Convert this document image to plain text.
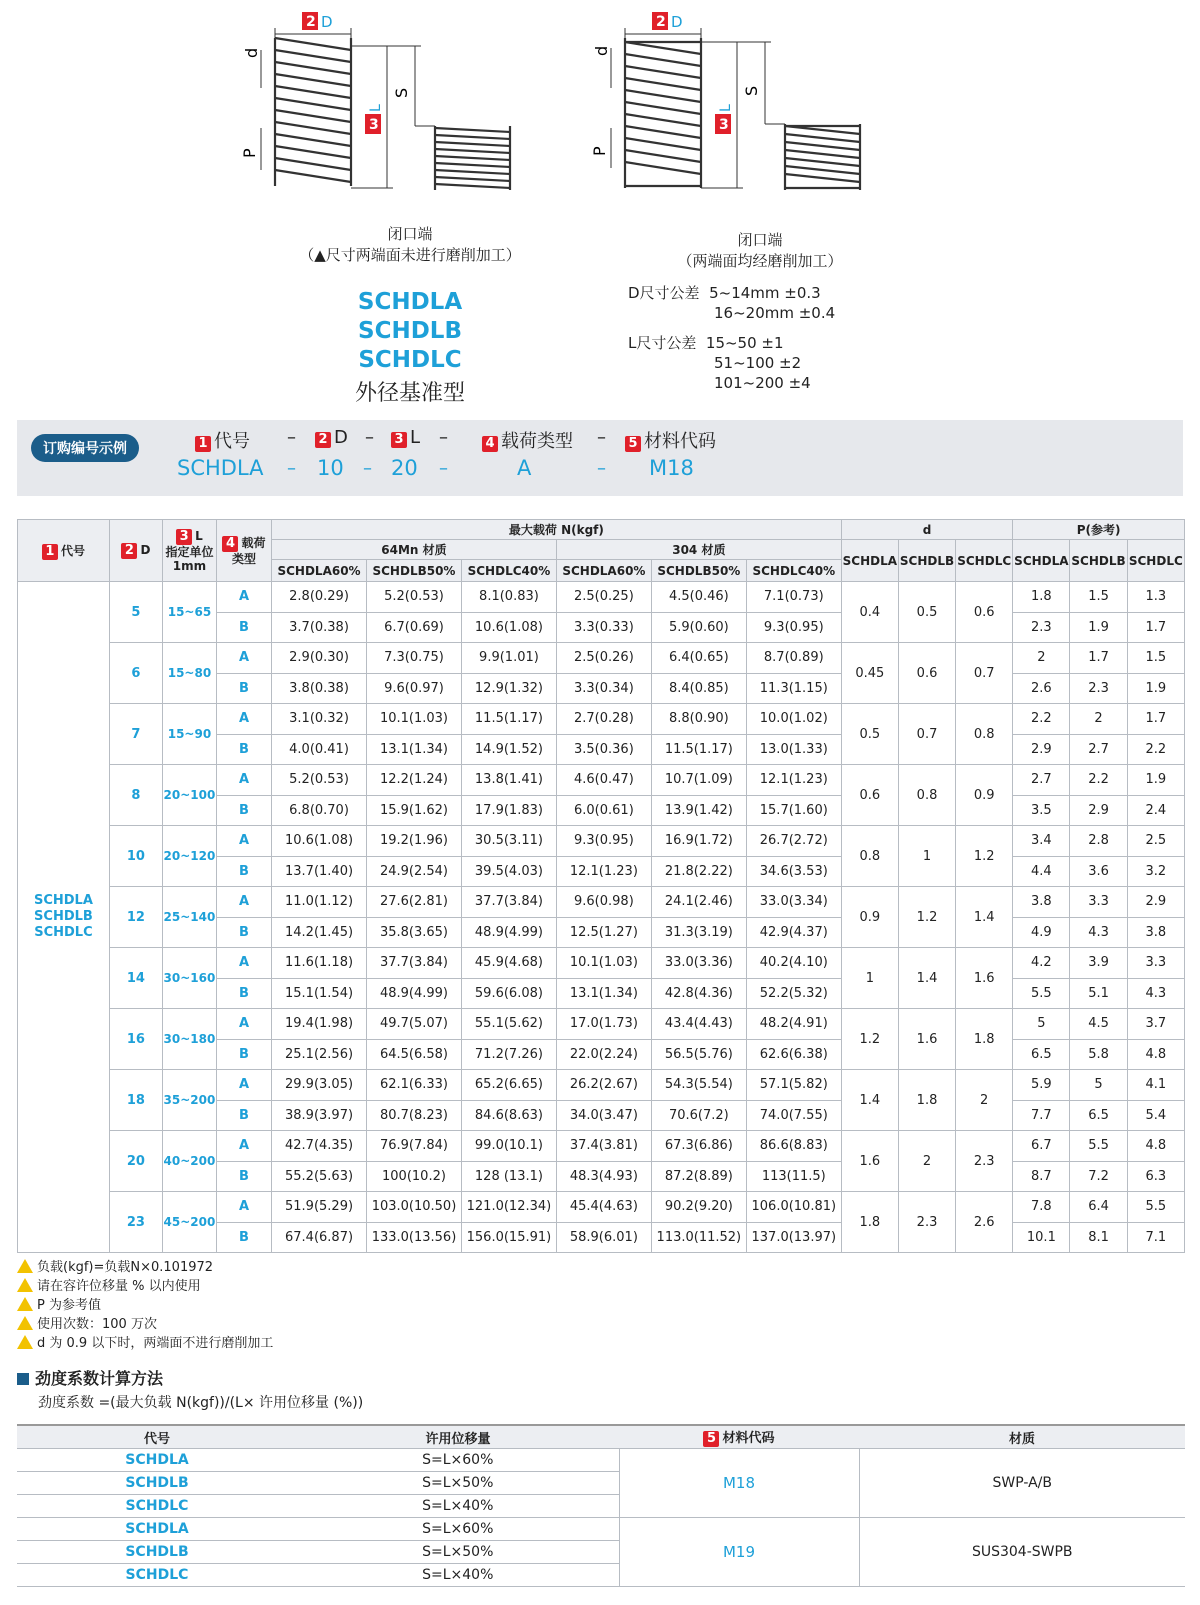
d
P
S
2 D
3
L
d
P
S
2 D
3
L
闭口端
（▲尺寸两端面未进行磨削加工）
闭口端
（两端面均经磨削加工）
SCHDLA
SCHDLB
SCHDLC
外径基准型
D尺寸公差 5~14mm ±0.3
16~20mm ±0.4
L尺寸公差 15~50 ±1
51~100 ±2
101~200 ±4
订购编号示例	1 代号 – 2 D – 3 L –	4 载荷类型 – 5 材料代码
SCHDLA – 10 – 20 –	A	– M18
1 代号	2 D	3 L
指定单位
1mm	4 载荷
类型	最大载荷 N(kgf)						d			P(参考)		
				64Mn 材质			304 材质			SCHDLA	SCHDLB	SCHDLC	SCHDLA	SCHDLB	SCHDLC
				SCHDLA60%	SCHDLB50%	SCHDLC40%	SCHDLA60%	SCHDLB50%	SCHDLC40%						

SCHDLA
SCHDLB
SCHDLC	5	15~65	A	2.8(0.29)	5.2(0.53)	8.1(0.83)	2.5(0.25)	4.5(0.46)	7.1(0.73)	0.4	0.5	0.6	1.8	1.5	1.3
			B	3.7(0.38)	6.7(0.69)	10.6(1.08)	3.3(0.33)	5.9(0.60)	9.3(0.95)				2.3	1.9	1.7
	6	15~80	A	2.9(0.30)	7.3(0.75)	9.9(1.01)	2.5(0.26)	6.4(0.65)	8.7(0.89)	0.45	0.6	0.7	2	1.7	1.5
			B	3.8(0.38)	9.6(0.97)	12.9(1.32)	3.3(0.34)	8.4(0.85)	11.3(1.15)				2.6	2.3	1.9
	7	15~90	A	3.1(0.32)	10.1(1.03)	11.5(1.17)	2.7(0.28)	8.8(0.90)	10.0(1.02)	0.5	0.7	0.8	2.2	2	1.7
			B	4.0(0.41)	13.1(1.34)	14.9(1.52)	3.5(0.36)	11.5(1.17)	13.0(1.33)				2.9	2.7	2.2
	8	20~100	A	5.2(0.53)	12.2(1.24)	13.8(1.41)	4.6(0.47)	10.7(1.09)	12.1(1.23)	0.6	0.8	0.9	2.7	2.2	1.9
			B	6.8(0.70)	15.9(1.62)	17.9(1.83)	6.0(0.61)	13.9(1.42)	15.7(1.60)				3.5	2.9	2.4
	10	20~120	A	10.6(1.08)	19.2(1.96)	30.5(3.11)	9.3(0.95)	16.9(1.72)	26.7(2.72)	0.8	1	1.2	3.4	2.8	2.5
			B	13.7(1.40)	24.9(2.54)	39.5(4.03)	12.1(1.23)	21.8(2.22)	34.6(3.53)				4.4	3.6	3.2
	12	25~140	A	11.0(1.12)	27.6(2.81)	37.7(3.84)	9.6(0.98)	24.1(2.46)	33.0(3.34)	0.9	1.2	1.4	3.8	3.3	2.9
			B	14.2(1.45)	35.8(3.65)	48.9(4.99)	12.5(1.27)	31.3(3.19)	42.9(4.37)				4.9	4.3	3.8
	14	30~160	A	11.6(1.18)	37.7(3.84)	45.9(4.68)	10.1(1.03)	33.0(3.36)	40.2(4.10)	1	1.4	1.6	4.2	3.9	3.3
			B	15.1(1.54)	48.9(4.99)	59.6(6.08)	13.1(1.34)	42.8(4.36)	52.2(5.32)				5.5	5.1	4.3
	16	30~180	A	19.4(1.98)	49.7(5.07)	55.1(5.62)	17.0(1.73)	43.4(4.43)	48.2(4.91)	1.2	1.6	1.8	5	4.5	3.7
			B	25.1(2.56)	64.5(6.58)	71.2(7.26)	22.0(2.24)	56.5(5.76)	62.6(6.38)				6.5	5.8	4.8
	18	35~200	A	29.9(3.05)	62.1(6.33)	65.2(6.65)	26.2(2.67)	54.3(5.54)	57.1(5.82)	1.4	1.8	2	5.9	5	4.1
			B	38.9(3.97)	80.7(8.23)	84.6(8.63)	34.0(3.47)	70.6(7.2)	74.0(7.55)				7.7	6.5	5.4
	20	40~200	A	42.7(4.35)	76.9(7.84)	99.0(10.1)	37.4(3.81)	67.3(6.86)	86.6(8.83)	1.6	2	2.3	6.7	5.5	4.8
			B	55.2(5.63)	100(10.2)	128 (13.1)	48.3(4.93)	87.2(8.89)	113(11.5)				8.7	7.2	6.3
	23	45~200	A	51.9(5.29)	103.0(10.50)	121.0(12.34)	45.4(4.63)	90.2(9.20)	106.0(10.81)	1.8	2.3	2.6	7.8	6.4	5.5
			B	67.4(6.87)	133.0(13.56)	156.0(15.91)	58.9(6.01)	113.0(11.52)	137.0(13.97)				10.1	8.1	7.1
负载(kgf)=负载N×0.101972
请在容许位移量 % 以内使用
P 为参考值
使用次数：100 万次
d 为 0.9 以下时，两端面不进行磨削加工
劲度系数计算方法
劲度系数 =(最大负载 N(kgf))/(L× 许用位移量 (%))
代号	许用位移量	5 材料代码	材质
SCHDLA	S=L×60%	M18	SWP-A/B
SCHDLB	S=L×50%		
SCHDLC	S=L×40%		
SCHDLA	S=L×60%	M19	SUS304-SWPB
SCHDLB	S=L×50%		
SCHDLC	S=L×40%		
